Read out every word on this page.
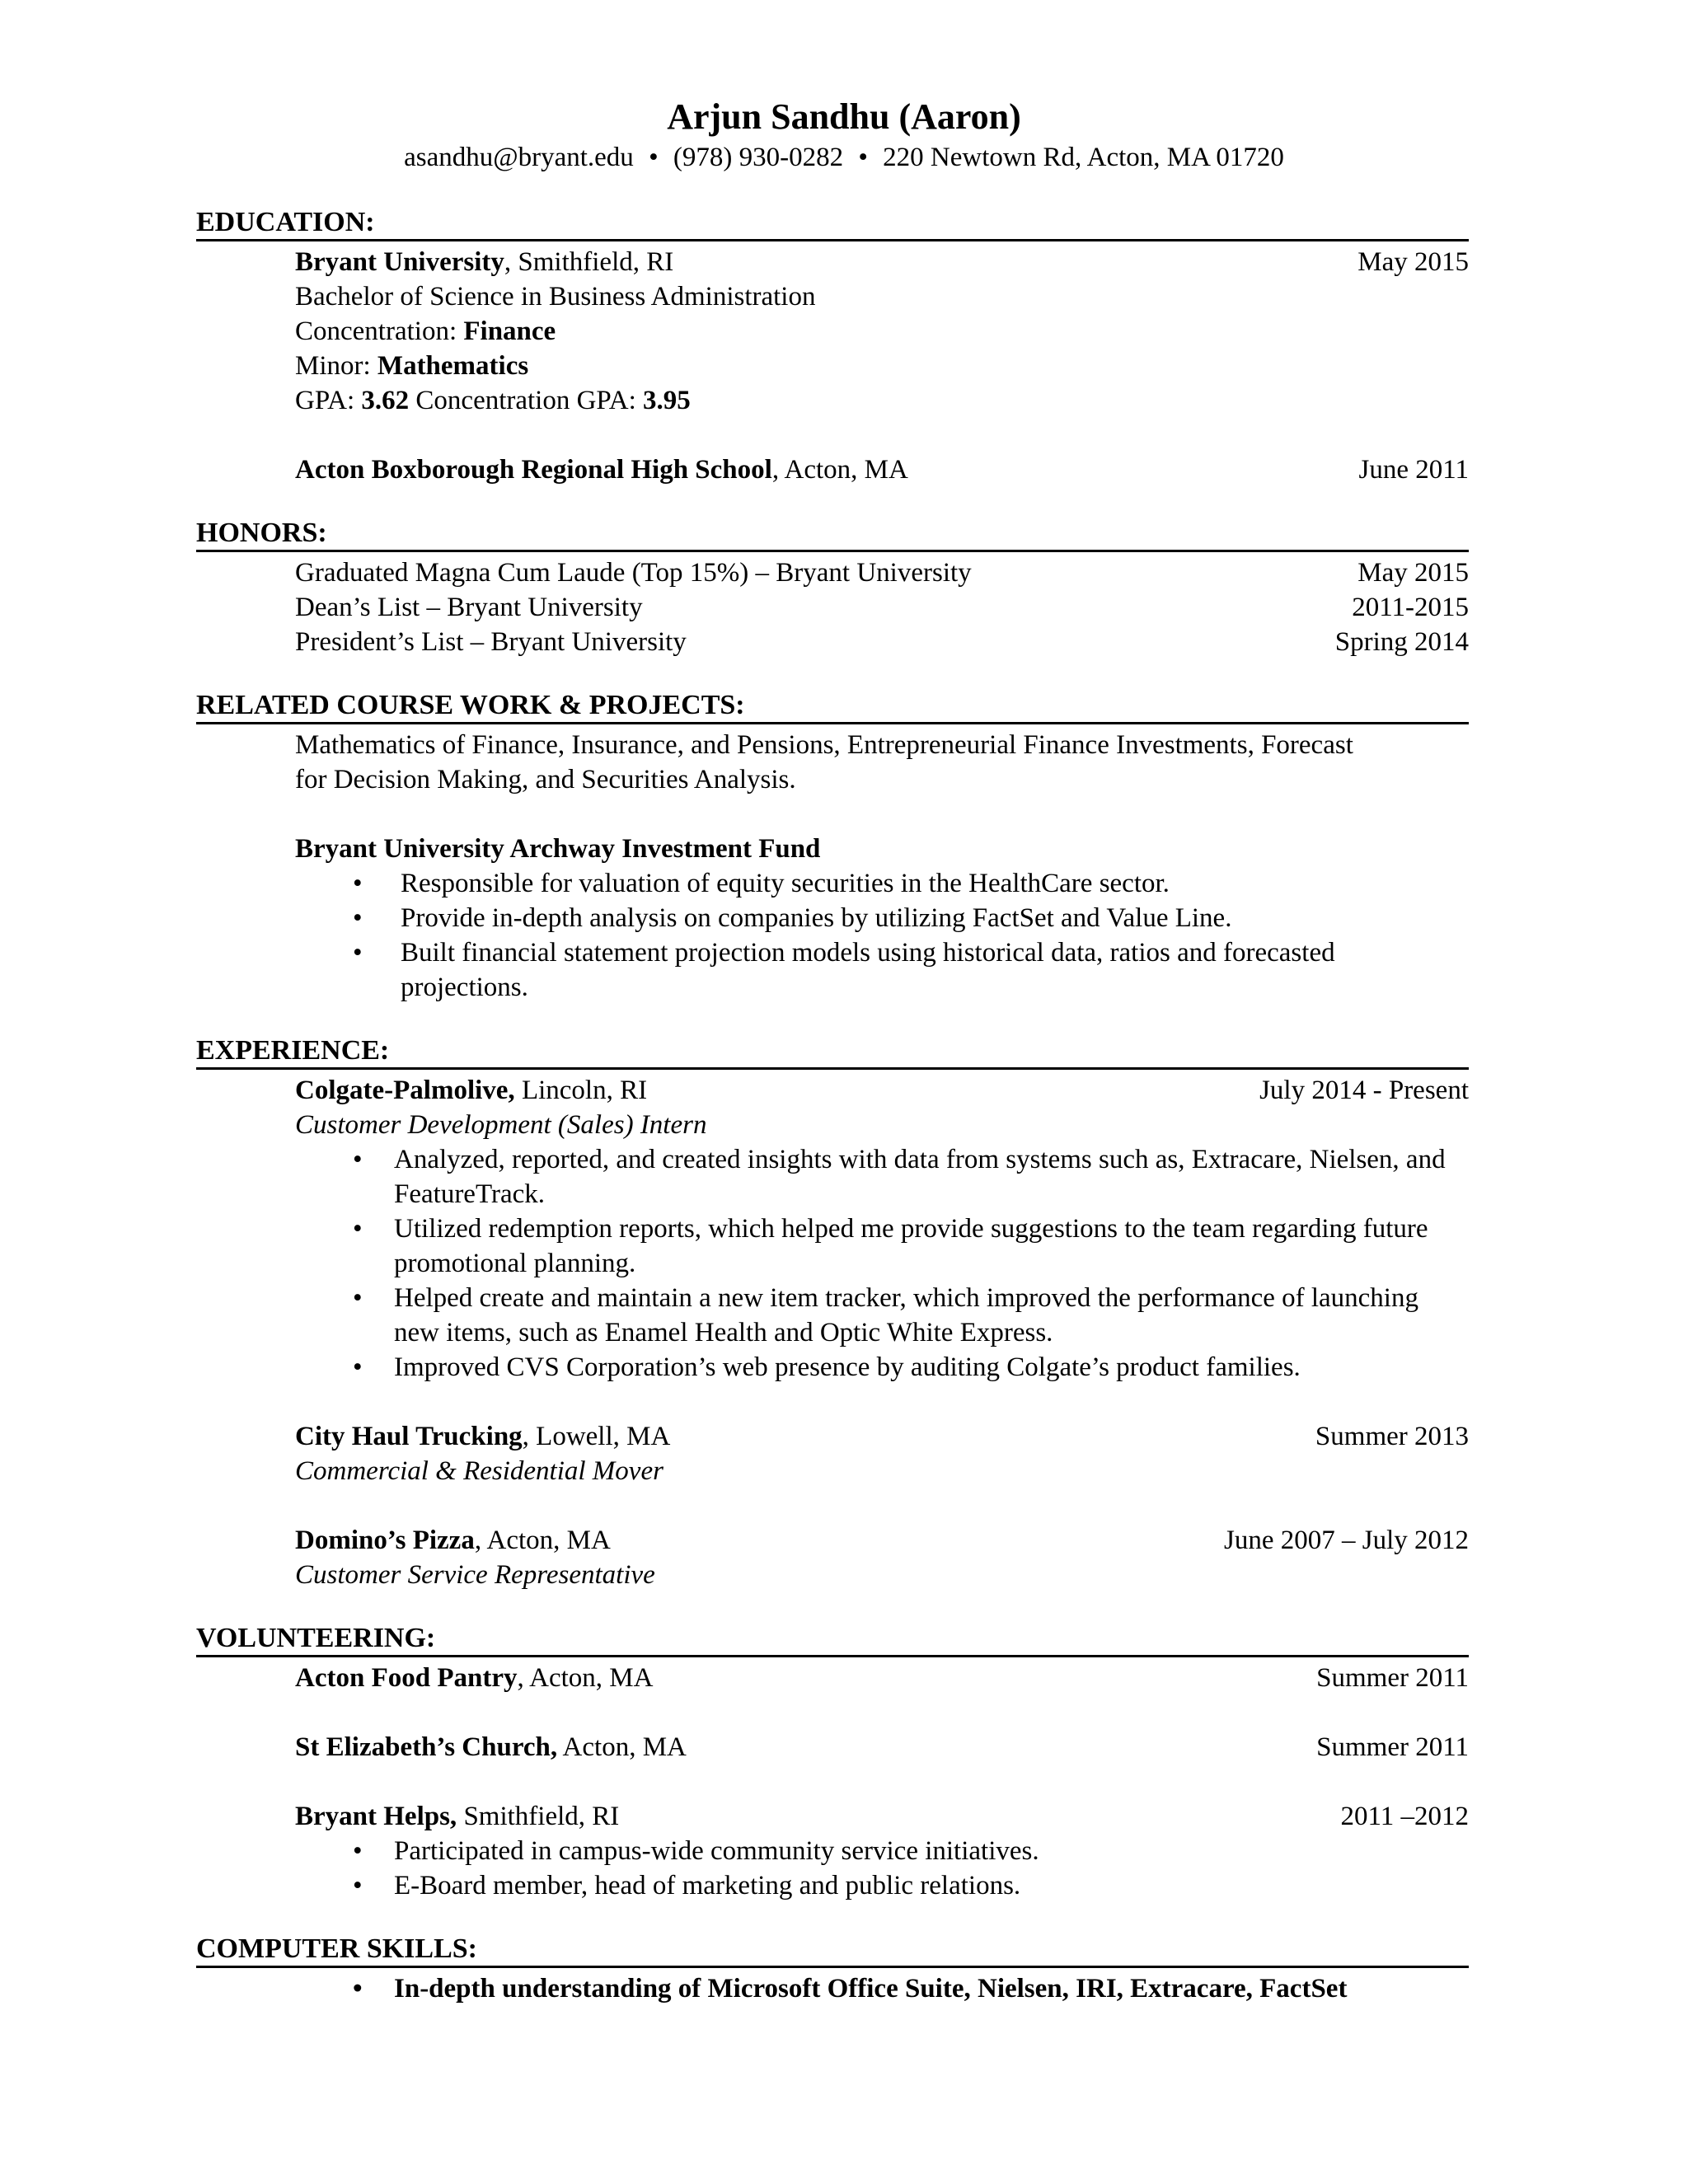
Arjun Sandhu (Aaron)
asandhu@bryant.edu • (978) 930-0282 • 220 Newtown Rd, Acton, MA 01720
EDUCATION:
Bryant University, Smithfield, RI	May 2015
Bachelor of Science in Business Administration
Concentration: Finance
Minor: Mathematics
GPA: 3.62 Concentration GPA: 3.95
Acton Boxborough Regional High School, Acton, MA	June 2011
HONORS:
Graduated Magna Cum Laude (Top 15%) – Bryant University	May 2015
Dean’s List – Bryant University	2011-2015
President’s List – Bryant University	Spring 2014
RELATED COURSE WORK & PROJECTS:
Mathematics of Finance, Insurance, and Pensions, Entrepreneurial Finance Investments, Forecast
for Decision Making, and Securities Analysis.
Bryant University Archway Investment Fund
• Responsible for valuation of equity securities in the HealthCare sector.
• Provide in-depth analysis on companies by utilizing FactSet and Value Line.
• Built financial statement projection models using historical data, ratios and forecasted projections.
EXPERIENCE:
Colgate-Palmolive, Lincoln, RI	July 2014 - Present
Customer Development (Sales) Intern
• Analyzed, reported, and created insights with data from systems such as, Extracare, Nielsen, and FeatureTrack.
• Utilized redemption reports, which helped me provide suggestions to the team regarding future promotional planning.
• Helped create and maintain a new item tracker, which improved the performance of launching new items, such as Enamel Health and Optic White Express.
• Improved CVS Corporation’s web presence by auditing Colgate’s product families.
City Haul Trucking, Lowell, MA	Summer 2013
Commercial & Residential Mover
Domino’s Pizza, Acton, MA	June 2007 – July 2012
Customer Service Representative
VOLUNTEERING:
Acton Food Pantry, Acton, MA	Summer 2011
St Elizabeth’s Church, Acton, MA	Summer 2011
Bryant Helps, Smithfield, RI	2011 –2012
• Participated in campus-wide community service initiatives.
• E-Board member, head of marketing and public relations.
COMPUTER SKILLS:
• In-depth understanding of Microsoft Office Suite, Nielsen, IRI, Extracare, FactSet
